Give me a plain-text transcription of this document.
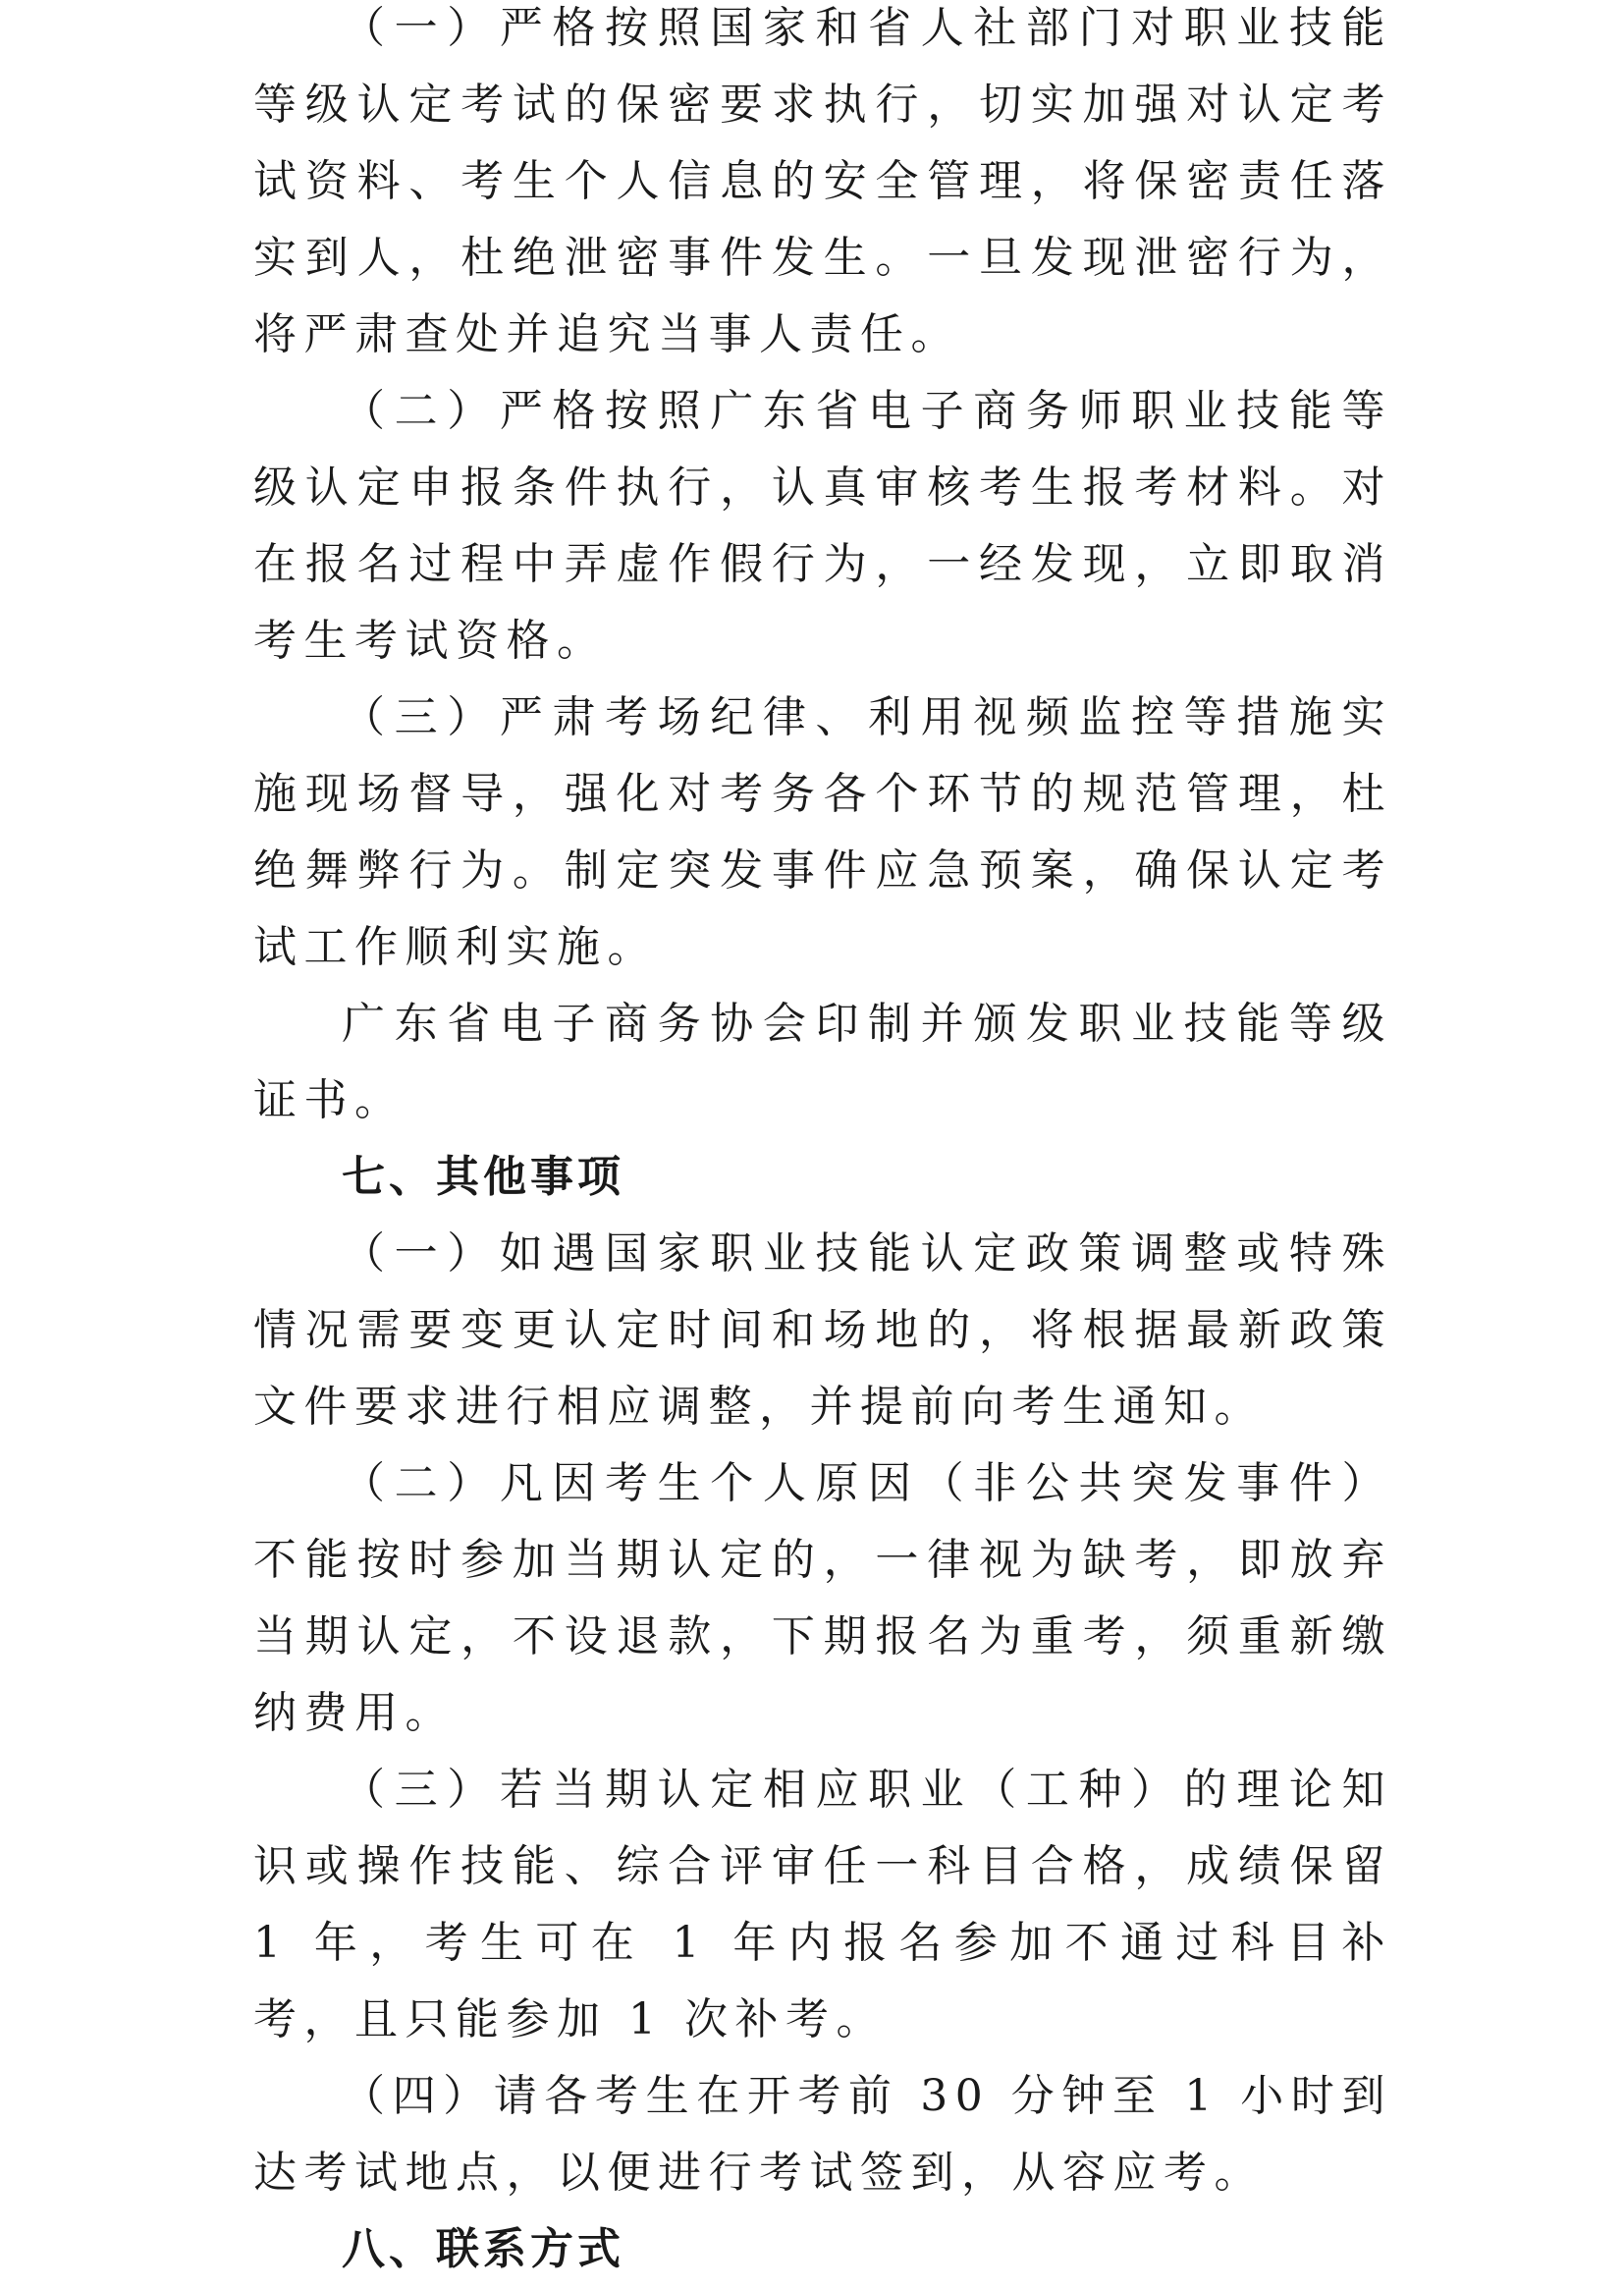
（一）严格按照国家和省人社部门对职业技能等级认定考试的保密要求执行，切实加强对认定考试资料、考生个人信息的安全管理，将保密责任落实到人，杜绝泄密事件发生。一旦发现泄密行为，将严肃查处并追究当事人责任。

（二）严格按照广东省电子商务师职业技能等级认定申报条件执行，认真审核考生报考材料。对在报名过程中弄虚作假行为，一经发现，立即取消考生考试资格。

（三）严肃考场纪律、利用视频监控等措施实施现场督导，强化对考务各个环节的规范管理，杜绝舞弊行为。制定突发事件应急预案，确保认定考试工作顺利实施。

广东省电子商务协会印制并颁发职业技能等级证书。

七、其他事项

（一）如遇国家职业技能认定政策调整或特殊情况需要变更认定时间和场地的，将根据最新政策文件要求进行相应调整，并提前向考生通知。

（二）凡因考生个人原因（非公共突发事件）不能按时参加当期认定的，一律视为缺考，即放弃当期认定，不设退款，下期报名为重考，须重新缴纳费用。

（三）若当期认定相应职业（工种）的理论知识或操作技能、综合评审任一科目合格，成绩保留 1 年，考生可在 1 年内报名参加不通过科目补考，且只能参加 1 次补考。

（四）请各考生在开考前 30 分钟至 1 小时到达考试地点，以便进行考试签到，从容应考。

八、联系方式
